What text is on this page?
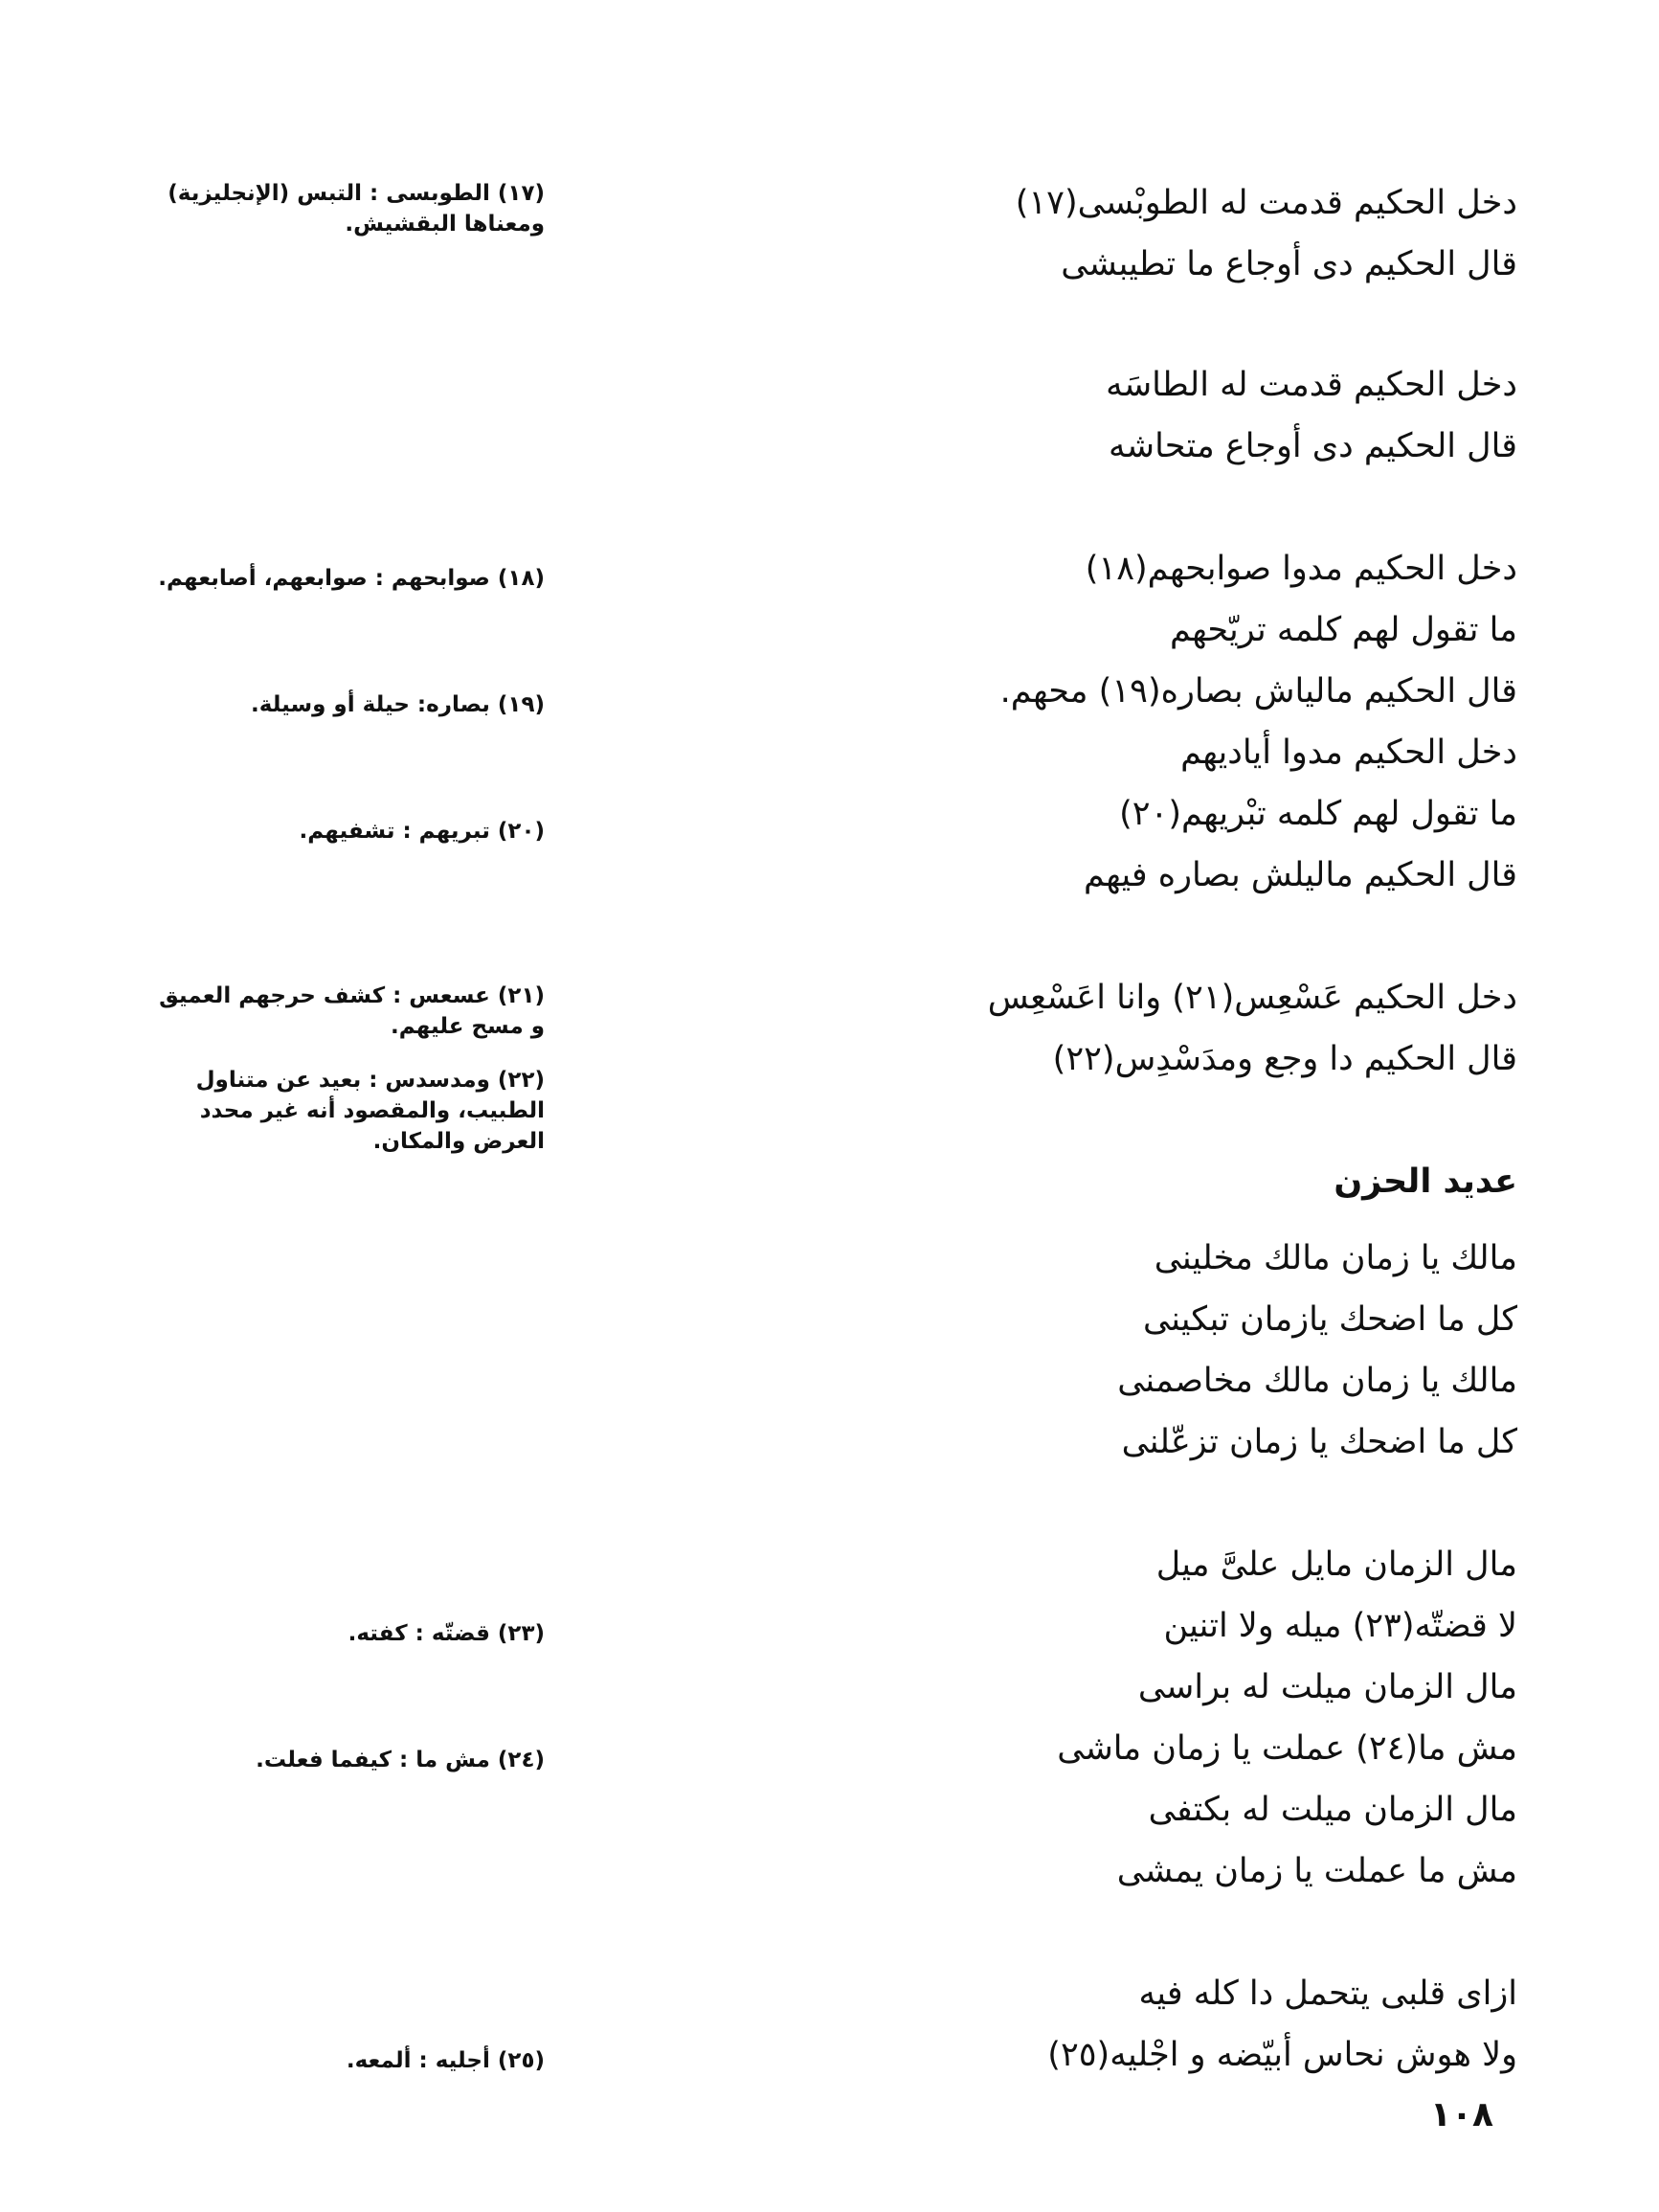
دخل الحكيم قدمت له الطوبْسى(١٧)
قال الحكيم دى أوجاع ما تطيبشى
دخل الحكيم قدمت له الطاسَه
قال الحكيم دى أوجاع متحاشه
دخل الحكيم مدوا صوابحهم(١٨)
ما تقول لهم كلمه تريّحهم
قال الحكيم مالياش بصاره(١٩) محهم.
دخل الحكيم مدوا أياديهم
ما تقول لهم كلمه تبْريهم(٢٠)
قال الحكيم ماليلش بصاره فيهم
دخل الحكيم عَسْعِس(٢١) وانا اعَسْعِس
قال الحكيم دا وجع ومدَسْدِس(٢٢)
عديد الحزن
مالك يا زمان مالك مخلينى
كل ما اضحك يازمان تبكينى
مالك يا زمان مالك مخاصمنى
كل ما اضحك يا زمان تزعّلنى
مال الزمان مايل علىَّ ميل
لا قضتّه(٢٣) ميله ولا اتنين
مال الزمان ميلت له براسى
مش ما(٢٤) عملت يا زمان ماشى
مال الزمان ميلت له بكتفى
مش ما عملت يا زمان يمشى
ازاى قلبى يتحمل دا كله فيه
ولا هوش نحاس أبيّضه و اجْليه(٢٥)
(١٧) الطوبسى : التبس (الإنجليزية) ومعناها البقشيش.
(١٨) صوابحهم : صوابعهم، أصابعهم.
(١٩) بصاره: حيلة أو وسيلة.
(٢٠) تبريهم : تشفيهم.
(٢١) عسعس : كشف حرجهم العميق و مسح عليهم.
(٢٢) ومدسدس : بعيد عن متناول الطبيب، والمقصود أنه غير محدد العرض والمكان.
(٢٣) قضتّه : كفته.
(٢٤) مش ما : كيفما فعلت.
(٢٥) أجليه : ألمعه.
١٠٨
